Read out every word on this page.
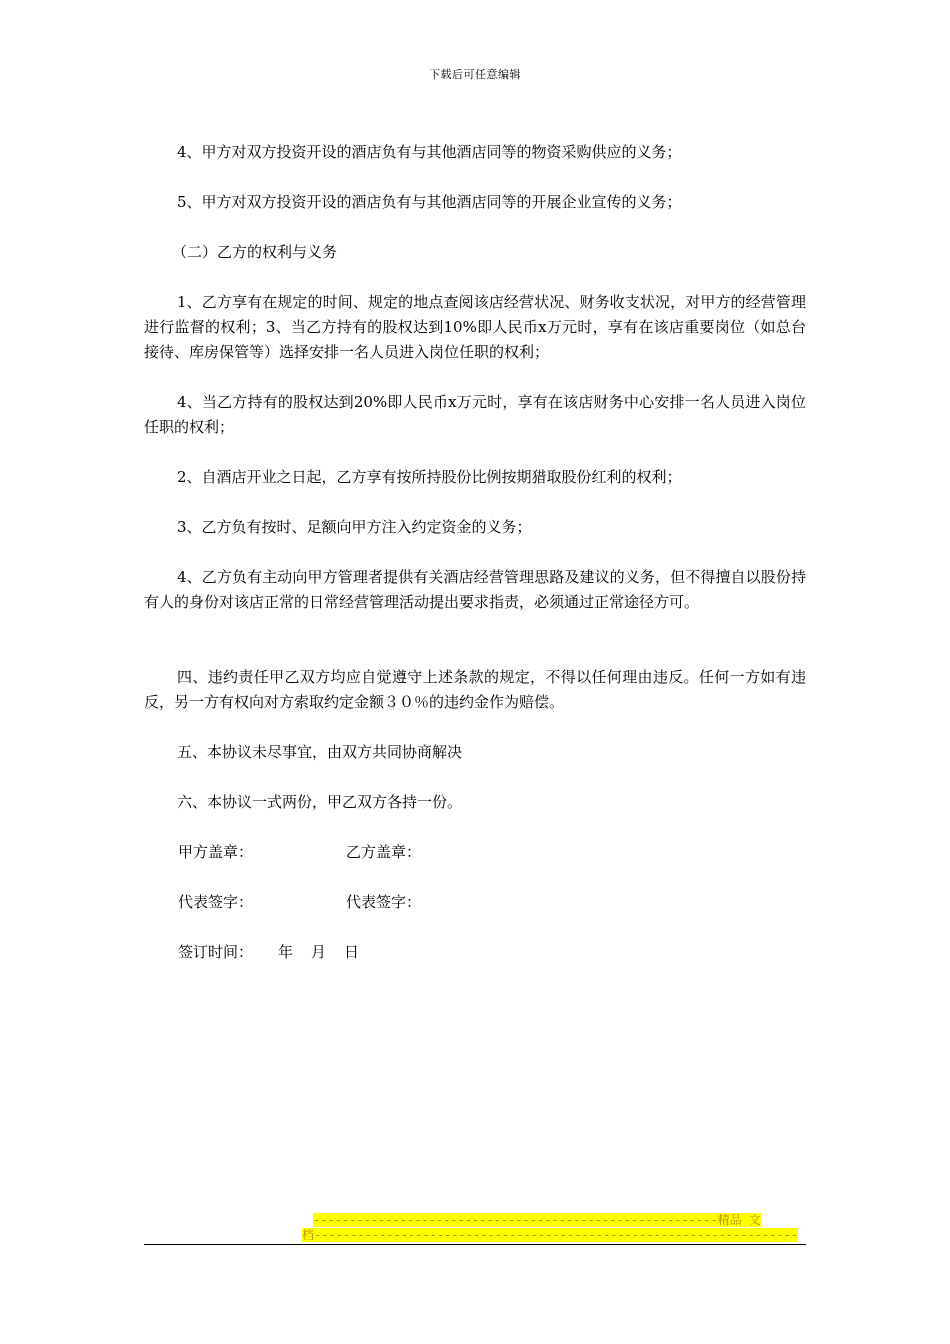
下载后可任意编辑

4、甲方对双方投资开设的酒店负有与其他酒店同等的物资采购供应的义务；

5、甲方对双方投资开设的酒店负有与其他酒店同等的开展企业宣传的义务；

（二）乙方的权利与义务

1、乙方享有在规定的时间、规定的地点查阅该店经营状况、财务收支状况，对甲方的经营管理进行监督的权利；3、当乙方持有的股权达到10%即人民币x万元时，享有在该店重要岗位（如总台接待、库房保管等）选择安排一名人员进入岗位任职的权利；

4、当乙方持有的股权达到20%即人民币x万元时，享有在该店财务中心安排一名人员进入岗位任职的权利；

2、自酒店开业之日起，乙方享有按所持股份比例按期猎取股份红利的权利；

3、乙方负有按时、足额向甲方注入约定资金的义务；

4、乙方负有主动向甲方管理者提供有关酒店经营管理思路及建议的义务，但不得擅自以股份持有人的身份对该店正常的日常经营管理活动提出要求指责，必须通过正常途径方可。

四、违约责任甲乙双方均应自觉遵守上述条款的规定，不得以任何理由违反。任何一方如有违反，另一方有权向对方索取约定金额３０％的违约金作为赔偿。

五、本协议未尽事宜，由双方共同协商解决

六、本协议一式两份，甲乙双方各持一份。

甲方盖章：	乙方盖章：
代表签字：	代表签字：
签订时间： 年 月 日
--------------------------------------------------------精品 文
档-------------------------------------------------------------------
